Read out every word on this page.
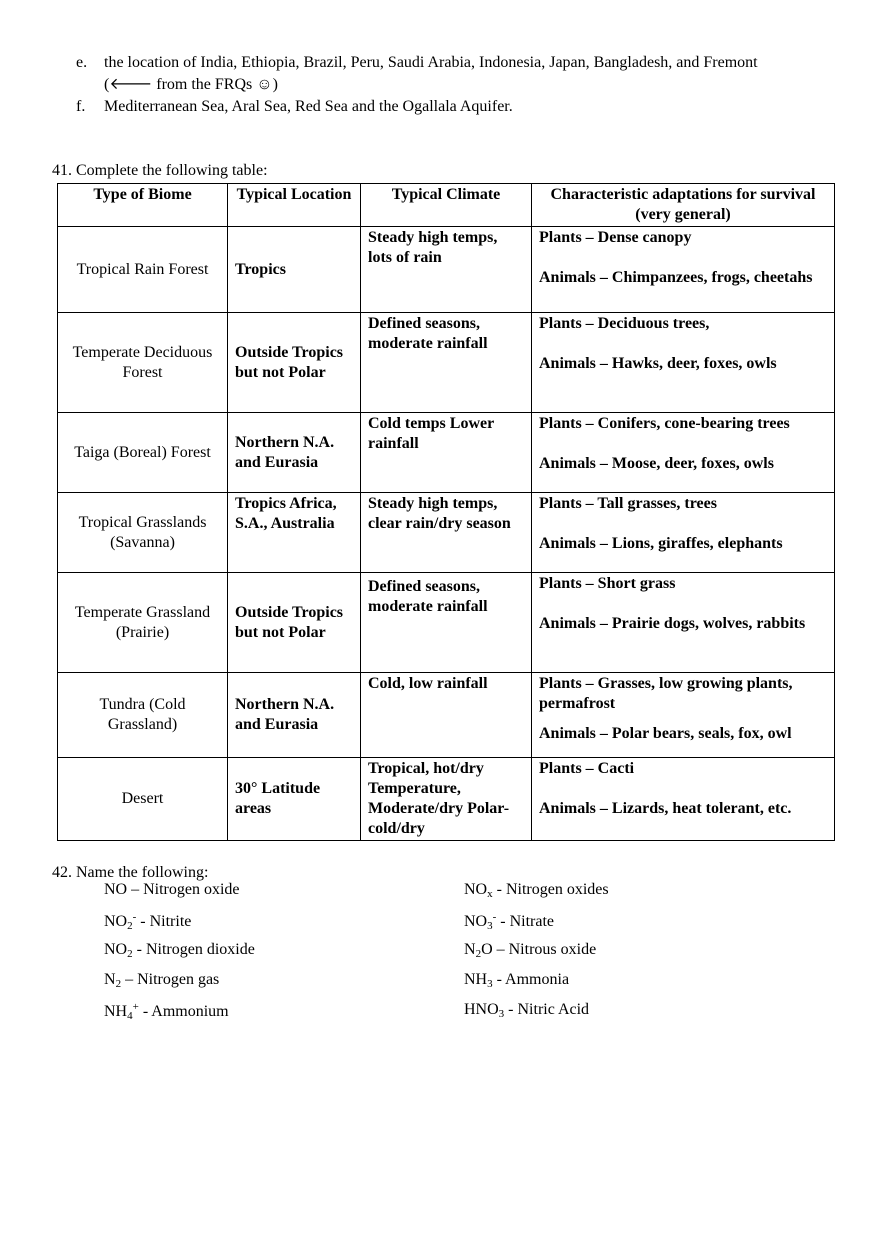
e.	the location of India, Ethiopia, Brazil, Peru, Saudi Arabia, Indonesia, Japan, Bangladesh, and Fremont
(🡐 from the FRQs ☺)
f.	Mediterranean Sea, Aral Sea, Red Sea and the Ogallala Aquifer.
41. Complete the following table:
Type of Biome	Typical Location	Typical Climate	Characteristic adaptations for survival (very general)
Tropical Rain Forest	Tropics	Steady high temps, lots of rain	Plants – Dense canopy
Animals – Chimpanzees, frogs, cheetahs

Temperate Deciduous Forest	Outside Tropics but not Polar	Defined seasons, moderate rainfall	Plants – Deciduous trees,
Animals – Hawks, deer, foxes, owls

Taiga (Boreal) Forest	Northern N.A. and Eurasia	Cold temps Lower rainfall	Plants – Conifers, cone-bearing trees
Animals – Moose, deer, foxes, owls

Tropical Grasslands (Savanna)	Tropics Africa, S.A., Australia	Steady high temps, clear rain/dry season	Plants – Tall grasses, trees
Animals – Lions, giraffes, elephants

Temperate Grassland (Prairie)	Outside Tropics but not Polar	Defined seasons, moderate rainfall	Plants – Short grass
Animals – Prairie dogs, wolves, rabbits

Tundra (Cold Grassland)	Northern N.A. and Eurasia	Cold, low rainfall	Plants – Grasses, low growing plants, permafrost
Animals – Polar bears, seals, fox, owl

Desert	30° Latitude areas	Tropical, hot/dry Temperature, Moderate/dry Polar- cold/dry	Plants – Cacti
Animals – Lizards, heat tolerant, etc.
42. Name the following:
NO – Nitrogen oxide	$NO_x$ - Nitrogen oxides
$NO_2^-$ - Nitrite	$NO_3^-$ - Nitrate
$NO_2$ - Nitrogen dioxide	$N_2O$ – Nitrous oxide
$N_2$ – Nitrogen gas	$NH_3$ - Ammonia
$NH_4^+$ - Ammonium	$HNO_3$ - Nitric Acid
